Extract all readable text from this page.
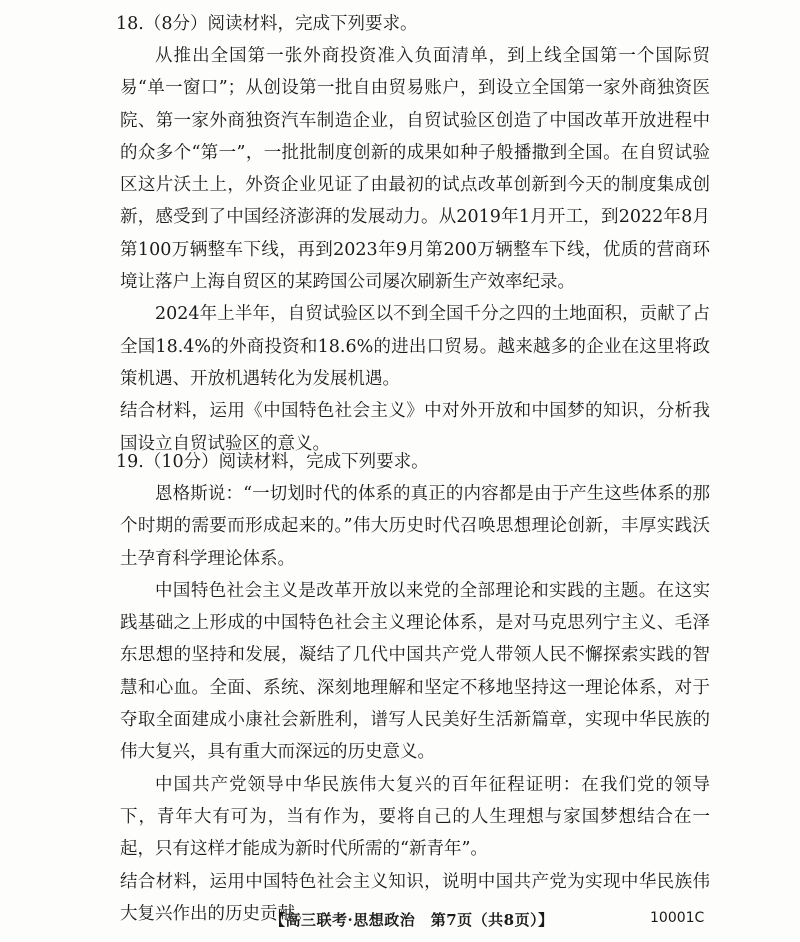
18.（8分）阅读材料，完成下列要求。

从推出全国第一张外商投资准入负面清单，到上线全国第一个国际贸易“单一窗口”；从创设第一批自由贸易账户，到设立全国第一家外商独资医院、第一家外商独资汽车制造企业，自贸试验区创造了中国改革开放进程中的众多个“第一”，一批批制度创新的成果如种子般播撒到全国。在自贸试验区这片沃土上，外资企业见证了由最初的试点改革创新到今天的制度集成创新，感受到了中国经济澎湃的发展动力。从2019年1月开工，到2022年8月第100万辆整车下线，再到2023年9月第200万辆整车下线，优质的营商环境让落户上海自贸区的某跨国公司屡次刷新生产效率纪录。

2024年上半年，自贸试验区以不到全国千分之四的土地面积，贡献了占全国18.4%的外商投资和18.6%的进出口贸易。越来越多的企业在这里将政策机遇、开放机遇转化为发展机遇。

结合材料，运用《中国特色社会主义》中对外开放和中国梦的知识，分析我国设立自贸试验区的意义。

19.（10分）阅读材料，完成下列要求。

恩格斯说：“一切划时代的体系的真正的内容都是由于产生这些体系的那个时期的需要而形成起来的。”伟大历史时代召唤思想理论创新，丰厚实践沃土孕育科学理论体系。

中国特色社会主义是改革开放以来党的全部理论和实践的主题。在这实践基础之上形成的中国特色社会主义理论体系，是对马克思列宁主义、毛泽东思想的坚持和发展，凝结了几代中国共产党人带领人民不懈探索实践的智慧和心血。全面、系统、深刻地理解和坚定不移地坚持这一理论体系，对于夺取全面建成小康社会新胜利，谱写人民美好生活新篇章，实现中华民族的伟大复兴，具有重大而深远的历史意义。

中国共产党领导中华民族伟大复兴的百年征程证明：在我们党的领导下，青年大有可为，当有作为，要将自己的人生理想与家国梦想结合在一起，只有这样才能成为新时代所需的“新青年”。

结合材料，运用中国特色社会主义知识，说明中国共产党为实现中华民族伟大复兴作出的历史贡献。

【高三联考·思想政治　第7页（共8页）】	10001C
